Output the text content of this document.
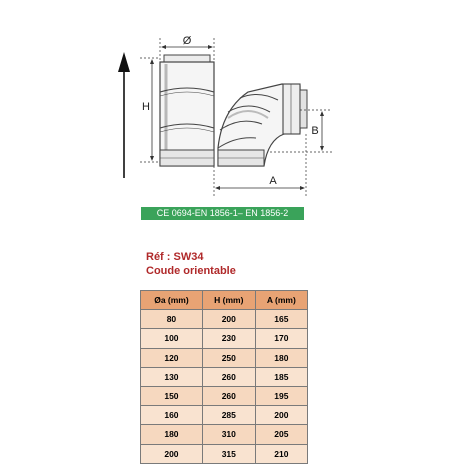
Ø
H
B
A
CE 0694-EN 1856-1– EN 1856-2
Réf : SW34
Coude orientable
Øa (mm)	H (mm)	A (mm)
80	200	165
100	230	170
120	250	180
130	260	185
150	260	195
160	285	200
180	310	205
200	315	210
